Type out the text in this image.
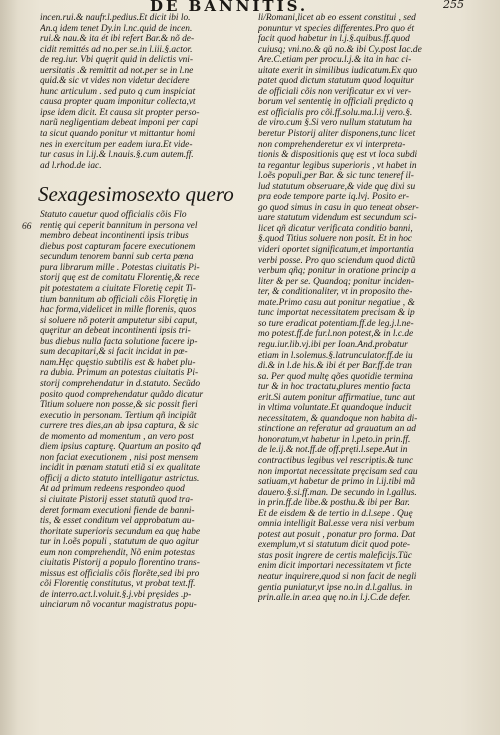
DE BANNITIS.	255
66
incen.rui.& naufr.l.pedius.Et dicit ibi lo.
An.q idem tenet Dy.in l.nc.quid de incen.
rui.& nau.& ita ét ibi refert Bar.& nõ de-
cidit remittés ad no.per se.in l.iii.§.actor.
de reg.iur. Vbi quęrit quid in delictis vni-
uersitatis .& remittit ad not.per se in l.ne
quid.& sic vt vides non videtur decidere
hunc articulum . sed puto q cum inspiciat
causa propter quam imponitur collecta,vt
ipse idem dicit. Et causa sit propter perso-
narũ negligentiam debeat imponi per capi
ta sicut quando ponitur vt mittantur homi
nes in exercitum per eadem iura.Et vide-
tur casus in l.ij.& l.nauis.§.cum autem.ff.
ad l.rhod.de iac.
Sexagesimosexto quero
Statuto cauetur quod officialis cõis Flo
rentię qui ceperit bannitum in persona vel
membro debeat incontinenti ipsis tribus
diebus post capturam facere executionem
secundum tenorem banni sub certa pœna
pura librarum mille . Potestas ciuitatis Pi-
storij quę est de comitatu Florentię,& rece
pit potestatem a ciuitate Floretię cepit Ti-
tium bannitum ab officiali cõis Florętię in
hac forma,videlicet in mille florenis, quos
si soluere nõ poterit amputetur sibi caput,
quęritur an debeat incontinenti ipsis tri-
bus diebus nulla facta solutione facere ip-
sum decapitari,& si facit incidat in pœ-
nam.Hęc quęstio subtilis est & habet plu-
ra dubia. Primum an potestas ciuitatis Pi-
storij comprehendatur in d.statuto. Secũdo
posito quod comprehendatur quãdo dicatur
Titium soluere non posse,& sic possit fieri
executio in personam. Tertium qñ incipiãt
currere tres dies,an ab ipsa captura, & sic
de momento ad momentum , an vero post
diem ipsius capturę. Quartum an posito qđ
non faciat executionem , nisi post mensem
incidit in pœnam statuti etiã si ex qualitate
officij a dicto statuto intelligatur astrictus.
At ad primum redeens respondeo quod
si ciuitate Pistorij esset statutũ quod tra-
deret formam executioni fiende de banni-
tis, & esset conditum vel approbatum au-
thoritate superioris secundum ea quę habe
tur in l.oẽs populi , statutum de quo agitur
eum non comprehendit, Nõ enim potestas
ciuitatis Pistorij a populo florentino trans-
missus est officialis cõis florẽte,sed ibi pro
cõi Florentię constitutus, vt probat text.ff.
de interro.act.l.voluit.§.j.vbi pręsides .p-
uinciarum nõ vocantur magistratus popu-
li/Romani,licet ab eo essent constitui , sed
ponuntur vt species differentes.Pro quo ét
facit quod habetur in l.j.§.quibus.ff.quod
cuiusq; vni.no.& qŭ no.& ibi Cy.post Iac.de
Are.C.etiam per procu.l.j.& ita in hac ci-
uitate exerit in similibus iudicatum.Ex quo
patet quod dictum statutum quod loquitur
de officiali cõis non verificatur ex vi ver-
borum vel sententię in officiali prędicto q
est officialis pro cõi.ff.solu.ma.l.ij vero.§.
de viro.cum §.Si vero nullum statutum ha
beretur Pistorij aliter disponens,tunc licet
non comprehenderetur ex vi interpreta-
tionis & dispositionis quę est vt loca subdi
ta regantur legibus superioris , vt habet in
l.oẽs populi,per Bar. & sic tunc teneref il-
lud statutum obseruare,& vide quę dixi su
pra eode tempore parte iq.lvj. Posito er-
go quod simus in casu in quo teneat obser-
uare statutum videndum est secundum sci-
licet qñ dicatur verificata conditio banni,
§.quod Titius soluere non posit. Et in hoc
videri oportet significatum,et importantia
verbi posse. Pro quo sciendum quod dictũ
verbum qñq; ponitur in oratione princip a
liter & per se. Quandoq; ponitur inciden-
ter, & conditionaliter, vt in proposito the-
mate.Primo casu aut ponitur negatiue , &
tunc importat necessitatem precisam & ip
so ture eradicat potentiam.ff.de leg.j.l.ne-
mo potest.ff.de fur.l.non potest,& in l.c.de
regu.iur.lib.vj.ibi per Ioan.And.probatur
etiam in l.solemus.§.latrunculator.ff.de iu
di.& in l.de his.& ibi ét per Bar.ff.de tran
sa. Per quod multę qões quotidie termina
tur & in hoc tractatu,plures mentio facta
erit.Si autem ponitur affirmatiue, tunc aut
in vltima voluntate.Et quandoque inducit
necessitatem, & quandoque non habita di-
stinctione an referatur ad grauatum an ad
honoratum,vt habetur in l.peto.in prin.ff.
de le.ij.& not.ff.de off.pręti.l.sepe.Aut in
contractibus legibus vel rescriptis.& tunc
non importat necessitate pręcisam sed cau
satiuam,vt habetur de primo in l.ij.tibi mã
dauero.§.si.ff.man. De secundo in l.gallus.
in prin.ff.de libe.& posthu.& ibi per Bar.
Et de eisdem & de tertio in d.l.sepe . Quę
omnia intelligit Bal.esse vera nisi verbum
potest aut posuit , ponatur pro forma. Dat
exemplum,vt si statutum dicit quod pote-
stas posit ingrere de certis maleficijs.Tũc
enim dicit importari necessitatem vt ficte
neatur inquirere,quod si non facit de negli
gentia puniatur,vt ipse no.in d.l.gallus. in
prin.alle.in ar.ea quę no.in l.j.C.de defer.
